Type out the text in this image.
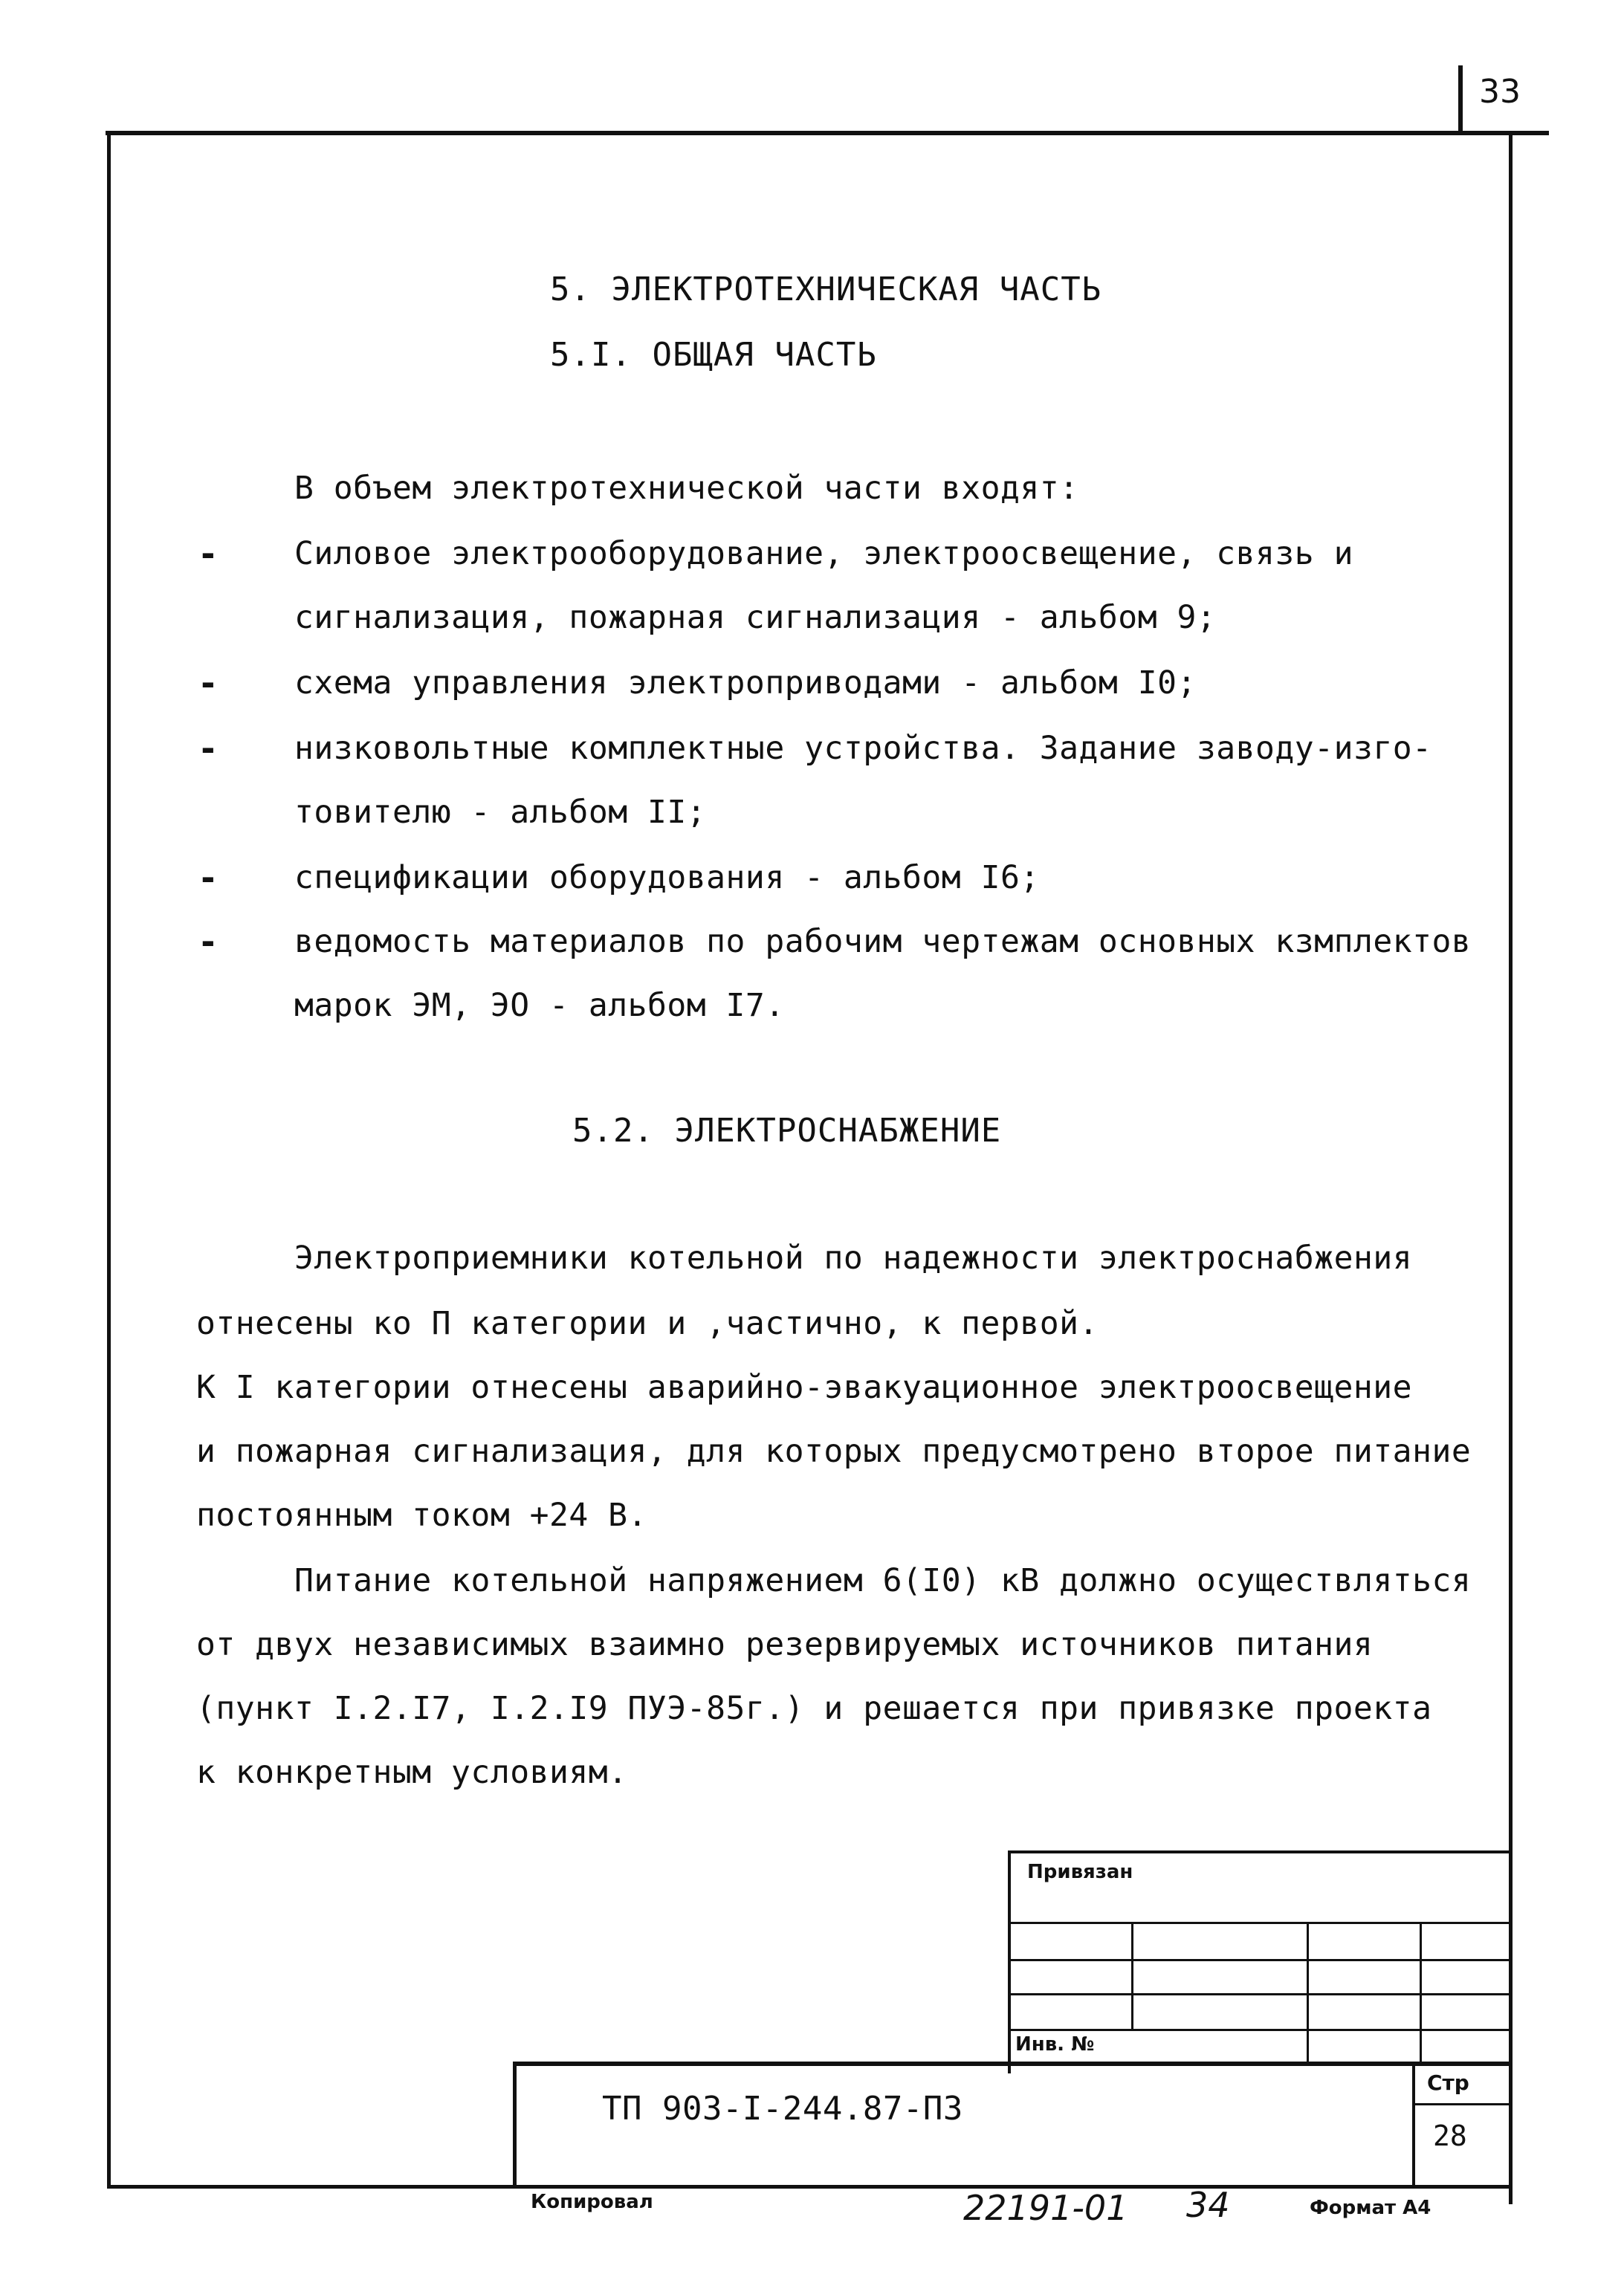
33
5. ЭЛЕКТРОТЕХНИЧЕСКАЯ ЧАСТЬ
5.I. ОБЩАЯ ЧАСТЬ
В объем электротехнической части входят:
- Силовое электрооборудование, электроосвещение, связь и
сигнализация, пожарная сигнализация - альбом 9;
- схема управления электроприводами - альбом I0;
- низковольтные комплектные устройства. Задание заводу-изго-
товителю - альбом II;
- спецификации оборудования - альбом I6;
- ведомость материалов по рабочим чертежам основных кзмплектов
марок ЭМ, ЭО - альбом I7.
5.2. ЭЛЕКТРОСНАБЖЕНИЕ
Электроприемники котельной по надежности электроснабжения
отнесены ко П категории и ,частично, к первой.
К I категории отнесены аварийно-эвакуационное электроосвещение
и пожарная сигнализация, для которых предусмотрено второе питание
постоянным током +24 В.
Питание котельной напряжением 6(I0) кВ должно осуществляться
от двух независимых взаимно резервируемых источников питания
(пункт I.2.I7, I.2.I9 ПУЭ-85г.) и решается при привязке проекта
к конкретным условиям.
Привязан
Инв. №
ТП 903-I-244.87-ПЗ
Стр
28
Копировал	22191-01 34	Формат А4
